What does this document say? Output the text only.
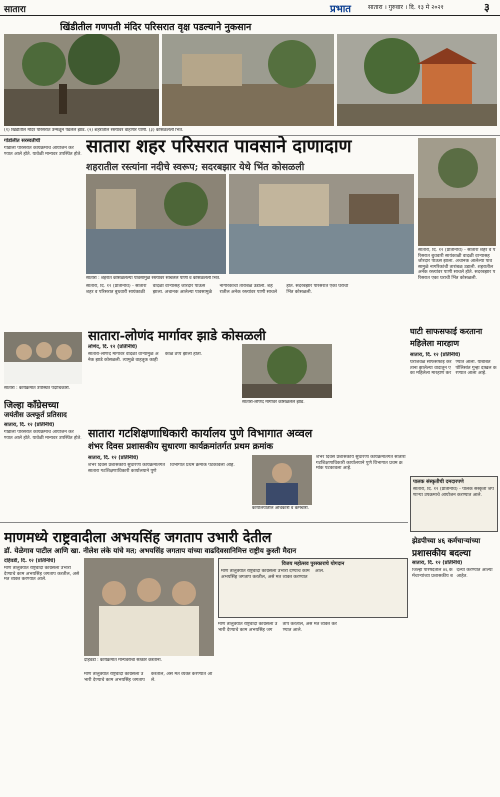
सातारा	प्रभात	सातारा । गुरुवार । दि. १३ मे २०२१	३
खिंडीतील गणपती मंदिर परिसरात वृक्ष पडल्याने नुकसान
(१) खिंडीतील मंदिर परिसरात उन्मळून पडलेले झाड. (२) शहरातील रस्त्यांवर वाहणारे पाणी. (३) कोसळलेली भिंत.
गोडोलीत सरस्वतीची
गोडोली परिसरात कार्यक्रमाचे आयोजन करण्यात आले होते. यावेळी मान्यवर उपस्थित होते. सातारा शहर परिसरात पावसाने दाणादाण
शहरातील रस्त्यांना नदीचे स्वरूप; सदरबझार येथे भिंत कोसळली
सातारा, दि. १२ (प्रतिनिधि) - सातारा शहर व परिसरात बुधवारी सायंकाळी वादळी वाऱ्यासह जोरदार पाऊस झाला. अचानक आलेल्या पावसामुळे नागरिकांची तारांबळ उडाली. शहरातील अनेक रस्त्यांवर पाणी साचले होते. सदरबझार परिसरात एका घराची भिंत कोसळली.
सातारा : शहरात कोसळलेल्या पावसामुळे रस्त्यांवर साचलेले पाणी व कोसळलेली भिंत.
सातारा, दि. १२ (प्रतिनिधि) - सातारा शहर व परिसरात बुधवारी सायंकाळी वादळी वाऱ्यासह जोरदार पाऊस झाला. अचानक आलेल्या पावसामुळे नागरिकांची तारांबळ उडाली. शहरातील अनेक रस्त्यांवर पाणी साचले होते. सदरबझार परिसरात एका घराची भिंत कोसळली.
सातारा : कार्यक्रमात उपस्थित पदाधिकारी.
जिल्हा काँग्रेसच्या
जयंतीस उत्स्फूर्त प्रतिसाद
सातारा, दि. १२ (प्रतिनिधि)
गोडोली परिसरात कार्यक्रमाचे आयोजन करण्यात आले होते. यावेळी मान्यवर उपस्थित होते.
सातारा-लोणंद मार्गावर झाडे कोसळली
लोणंद, दि. १२ (प्रतिनिधि)
सातारा-लोणंद मार्गावर वादळी वाऱ्यामुळे अनेक झाडे कोसळली. त्यामुळे वाहतूक काही काळ ठप्प झाली होती.
सातारा-लोणंद मार्गावर कोसळलेले झाड.
घाटी साफसफाई करताना
महिलेला मारहाण
सातारा, दि. १२ (प्रतिनिधि)
घराजवळ साफसफाई करताना झालेल्या वादातून एका महिलेला मारहाण करण्यात आली. याबाबत पोलिसांत गुन्हा दाखल करण्यात आला आहे.
सातारा गटशिक्षणाधिकारी कार्यालय पुणे विभागात अव्वल
शंभर दिवस प्रशासकीय सुधारणा कार्यक्रमांतर्गत प्रथम क्रमांक
सातारा, दि. १२ (प्रतिनिधि)
शंभर दिवस प्रशासकीय सुधारणा कार्यक्रमांतर्गत सातारा गटशिक्षणाधिकारी कार्यालयाने पुणे विभागात प्रथम क्रमांक पटकावला आहे.
कार्यालयातील अधिकारी व कर्मचारी.
शंभर दिवस प्रशासकीय सुधारणा कार्यक्रमांतर्गत सातारा गटशिक्षणाधिकारी कार्यालयाने पुणे विभागात प्रथम क्रमांक पटकावला आहे.
पालक संस्कृतीची दमदारपणे
सातारा, दि. १२ (प्रतिनिधि) - पालक संस्कृती जपणाऱ्या उपक्रमाचे आयोजन करण्यात आले.
माणमध्ये राष्ट्रवादीला अभयसिंह जगताप उभारी देतील
डॉ. येळेगाव पाटील आणि खा. नीलेश लंके यांचे मत; अभयसिंह जगताप यांच्या वाढदिवसानिमित्त राष्ट्रीय कुस्ती मैदान
दहिवडी, दि. १२ (प्रतिनिधि)
माण तालुक्यात राष्ट्रवादी काँग्रेसला उभारी देण्याचे काम अभयसिंह जगताप करतील, असे मत व्यक्त करण्यात आले.
दहिवडी : कार्यक्रमात मान्यवरांचा सत्कार करताना.
माण तालुक्यात राष्ट्रवादी काँग्रेसला उभारी देण्याचे काम अभयसिंह जगताप करतील, असे मत व्यक्त करण्यात आले.
विजय महोत्सव पुरस्काराचे योगदान
माण तालुक्यात राष्ट्रवादी काँग्रेसला उभारी देण्याचे काम अभयसिंह जगताप करतील, असे मत व्यक्त करण्यात आले.
माण तालुक्यात राष्ट्रवादी काँग्रेसला उभारी देण्याचे काम अभयसिंह जगताप करतील, असे मत व्यक्त करण्यात आले.
झेडपीच्या ४६ कर्मचाऱ्यांच्या
प्रशासकीय बदल्या
सातारा, दि. १२ (प्रतिनिधि)
जिल्हा परिषदेतील ४६ कर्मचाऱ्यांच्या प्रशासकीय बदल्या करण्यात आल्या आहेत.
